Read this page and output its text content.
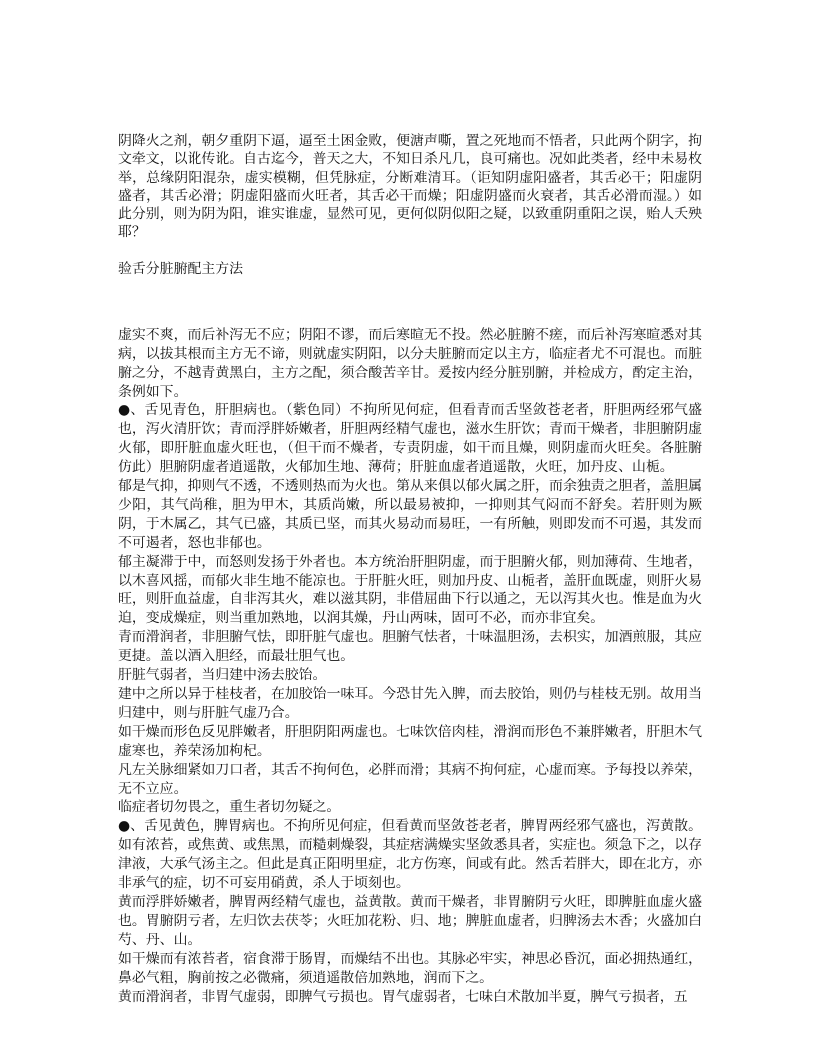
阴降火之剂，朝夕重阴下逼，逼至土困金败，便溏声嘶，置之死地而不悟者，只此两个阴字，拘文牵文，以讹传讹。自古迄今，普天之大，不知日杀凡几，良可痛也。况如此类者，经中未易枚举，总缘阴阳混杂，虚实模糊，但凭脉症，分断难清耳。（讵知阴虚阳盛者，其舌必干；阳虚阴盛者，其舌必滑；阴虚阳盛而火旺者，其舌必干而燥；阳虚阴盛而火衰者，其舌必滑而湿。）如此分别，则为阴为阳，谁实谁虚，显然可见，更何似阴似阳之疑，以致重阴重阳之误，贻人夭殃耶？

验舌分脏腑配主方法

虚实不爽，而后补泻无不应；阴阳不谬，而后寒暄无不投。然必脏腑不瘥，而后补泻寒暄悉对其病，以拔其根而主方无不谛，则就虚实阴阳，以分夫脏腑而定以主方，临症者尤不可混也。而脏腑之分，不越青黄黑白，主方之配，须合酸苦辛甘。爰按内经分脏别腑，并检成方，酌定主治，条例如下。

●、舌见青色，肝胆病也。（紫色同）不拘所见何症，但看青而舌坚敛苍老者，肝胆两经邪气盛也，泻火清肝饮；青而浮胖娇嫩者，肝胆两经精气虚也，滋水生肝饮；青而干燥者，非胆腑阴虚火郁，即肝脏血虚火旺也，（但干而不燥者，专责阴虚，如干而且燥，则阴虚而火旺矣。各脏腑仿此）胆腑阴虚者逍遥散，火郁加生地、薄荷；肝脏血虚者逍遥散，火旺，加丹皮、山栀。

郁是气抑，抑则气不透，不透则热而为火也。第从来俱以郁火属之肝，而余独责之胆者，盖胆属少阳，其气尚稚，胆为甲木，其质尚嫩，所以最易被抑，一抑则其气闷而不舒矣。若肝则为厥阴，于木属乙，其气已盛，其质已坚，而其火易动而易旺，一有所触，则即发而不可遏，其发而不可遏者，怒也非郁也。

郁主凝滞于中，而怒则发扬于外者也。本方统治肝胆阴虚，而于胆腑火郁，则加薄荷、生地者，以木喜风摇，而郁火非生地不能凉也。于肝脏火旺，则加丹皮、山栀者，盖肝血既虚，则肝火易旺，则肝血益虚，自非泻其火，难以滋其阴，非借屈曲下行以通之，无以泻其火也。惟是血为火迫，变成燥症，则当重加熟地，以润其燥，丹山两味，固可不必，而亦非宜矣。

青而滑润者，非胆腑气怯，即肝脏气虚也。胆腑气怯者，十味温胆汤，去枳实，加酒煎服，其应更捷。盖以酒入胆经，而最壮胆气也。

肝脏气弱者，当归建中汤去胶饴。

建中之所以异于桂枝者，在加胶饴一味耳。今恐甘先入脾，而去胶饴，则仍与桂枝无别。故用当归建中，则与肝脏气虚乃合。

如干燥而形色反见胖嫩者，肝胆阴阳两虚也。七味饮倍肉桂，滑润而形色不兼胖嫩者，肝胆木气虚寒也，养荣汤加枸杞。

凡左关脉细紧如刀口者，其舌不拘何色，必胖而滑；其病不拘何症，心虚而寒。予每投以养荣，无不立应。

临症者切勿畏之，重生者切勿疑之。

●、舌见黄色，脾胃病也。不拘所见何症，但看黄而坚敛苍老者，脾胃两经邪气盛也，泻黄散。如有浓苔，或焦黄、或焦黑，而糙刺燥裂，其症痞满燥实坚敛悉具者，实症也。须急下之，以存津液，大承气汤主之。但此是真正阳明里症，北方伤寒，间或有此。然舌若胖大，即在北方，亦非承气的症，切不可妄用硝黄，杀人于顷刻也。

黄而浮胖娇嫩者，脾胃两经精气虚也，益黄散。黄而干燥者，非胃腑阴亏火旺，即脾脏血虚火盛也。胃腑阴亏者，左归饮去茯苓；火旺加花粉、归、地；脾脏血虚者，归脾汤去木香；火盛加白芍、丹、山。

如干燥而有浓苔者，宿食滞于肠胃，而燥结不出也。其脉必牢实，神思必昏沉，面必拥热通红，鼻必气粗，胸前按之必微痛，须逍遥散倍加熟地，润而下之。

黄而滑润者，非胃气虚弱，即脾气亏损也。胃气虚弱者，七味白术散加半夏，脾气亏损者，五
